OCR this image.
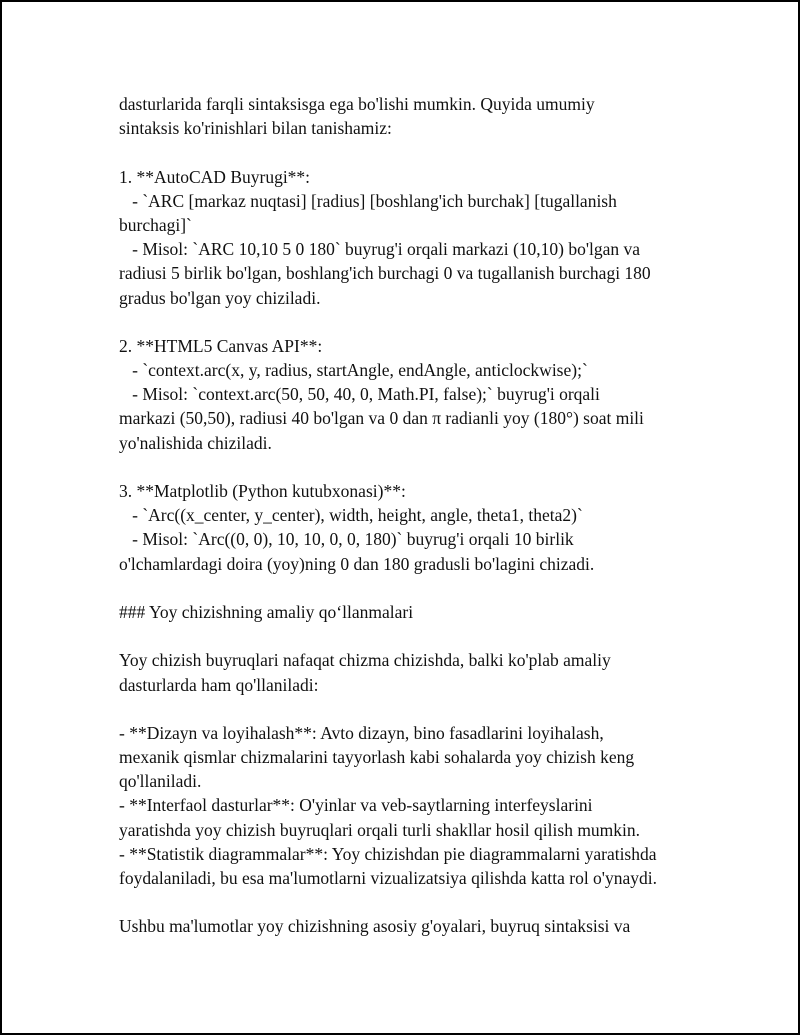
dasturlarida farqli sintaksisga ega bo'lishi mumkin. Quyida umumiy
sintaksis ko'rinishlari bilan tanishamiz:
1. **AutoCAD Buyrugi**:
- `ARC [markaz nuqtasi] [radius] [boshlang'ich burchak] [tugallanish
burchagi]`
- Misol: `ARC 10,10 5 0 180` buyrug'i orqali markazi (10,10) bo'lgan va
radiusi 5 birlik bo'lgan, boshlang'ich burchagi 0 va tugallanish burchagi 180
gradus bo'lgan yoy chiziladi.
2. **HTML5 Canvas API**:
- `context.arc(x, y, radius, startAngle, endAngle, anticlockwise);`
- Misol: `context.arc(50, 50, 40, 0, Math.PI, false);` buyrug'i orqali
markazi (50,50), radiusi 40 bo'lgan va 0 dan π radianli yoy (180°) soat mili
yo'nalishida chiziladi.
3. **Matplotlib (Python kutubxonasi)**:
- `Arc((x_center, y_center), width, height, angle, theta1, theta2)`
- Misol: `Arc((0, 0), 10, 10, 0, 0, 180)` buyrug'i orqali 10 birlik
o'lchamlardagi doira (yoy)ning 0 dan 180 gradusli bo'lagini chizadi.
### Yoy chizishning amaliy qo‘llanmalari
Yoy chizish buyruqlari nafaqat chizma chizishda, balki ko'plab amaliy
dasturlarda ham qo'llaniladi:
- **Dizayn va loyihalash**: Avto dizayn, bino fasadlarini loyihalash,
mexanik qismlar chizmalarini tayyorlash kabi sohalarda yoy chizish keng
qo'llaniladi.
- **Interfaol dasturlar**: O'yinlar va veb-saytlarning interfeyslarini
yaratishda yoy chizish buyruqlari orqali turli shakllar hosil qilish mumkin.
- **Statistik diagrammalar**: Yoy chizishdan pie diagrammalarni yaratishda
foydalaniladi, bu esa ma'lumotlarni vizualizatsiya qilishda katta rol o'ynaydi.
Ushbu ma'lumotlar yoy chizishning asosiy g'oyalari, buyruq sintaksisi va
